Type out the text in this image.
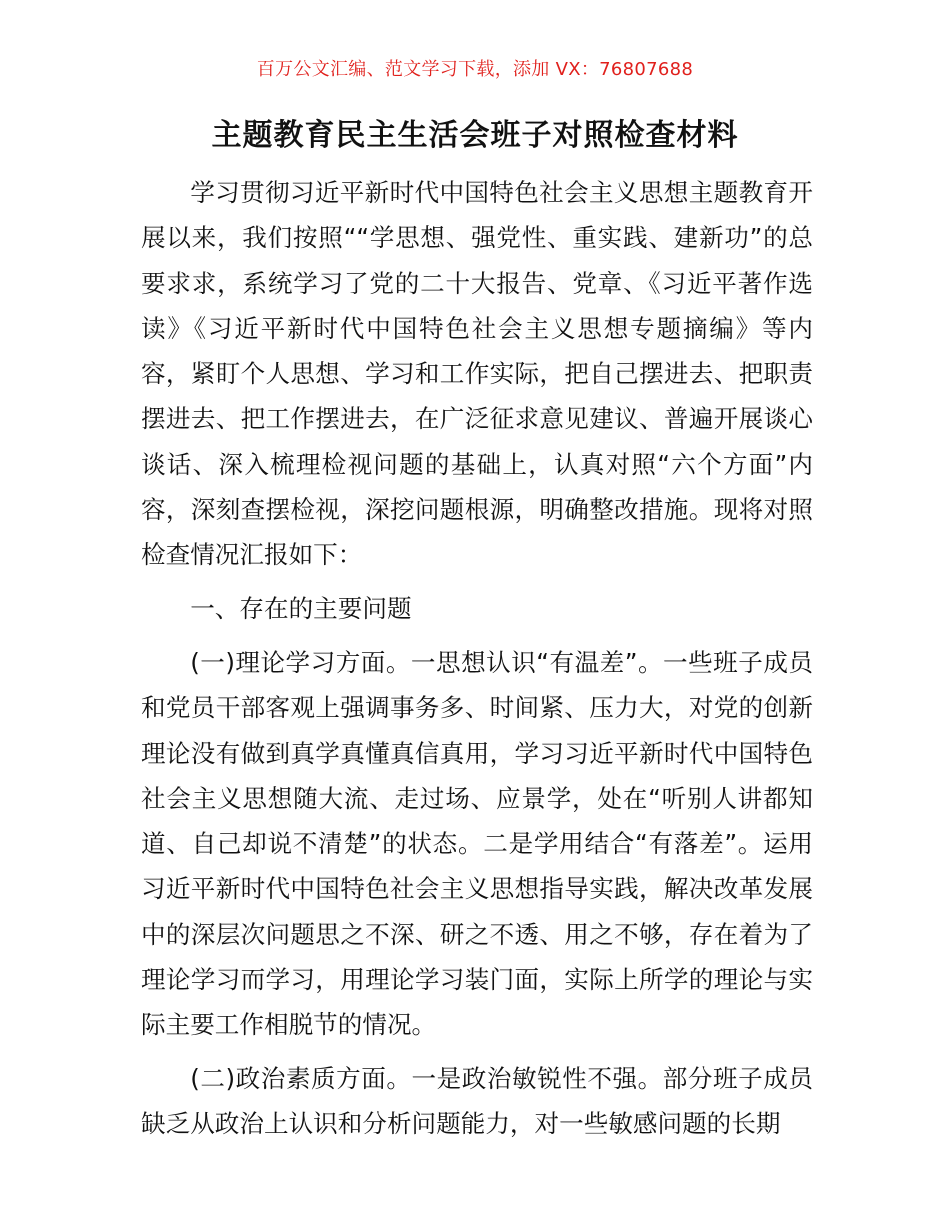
百万公文汇编、范文学习下载，添加 VX：76807688
主题教育民主生活会班子对照检查材料

学习贯彻习近平新时代中国特色社会主义思想主题教育开展以来，我们按照““学思想、强党性、重实践、建新功”的总要求求，系统学习了党的二十大报告、党章、《习近平著作选读》《习近平新时代中国特色社会主义思想专题摘编》等内容，紧盯个人思想、学习和工作实际，把自己摆进去、把职责摆进去、把工作摆进去，在广泛征求意见建议、普遍开展谈心谈话、深入梳理检视问题的基础上，认真对照“六个方面”内容，深刻查摆检视，深挖问题根源，明确整改措施。现将对照检查情况汇报如下：

一、存在的主要问题

(一)理论学习方面。一思想认识“有温差”。一些班子成员和党员干部客观上强调事务多、时间紧、压力大，对党的创新理论没有做到真学真懂真信真用，学习习近平新时代中国特色社会主义思想随大流、走过场、应景学，处在“听别人讲都知道、自己却说不清楚”的状态。二是学用结合“有落差”。运用习近平新时代中国特色社会主义思想指导实践，解决改革发展中的深层次问题思之不深、研之不透、用之不够，存在着为了理论学习而学习，用理论学习装门面，实际上所学的理论与实际主要工作相脱节的情况。

(二)政治素质方面。一是政治敏锐性不强。部分班子成员缺乏从政治上认识和分析问题能力，对一些敏感问题的长期
